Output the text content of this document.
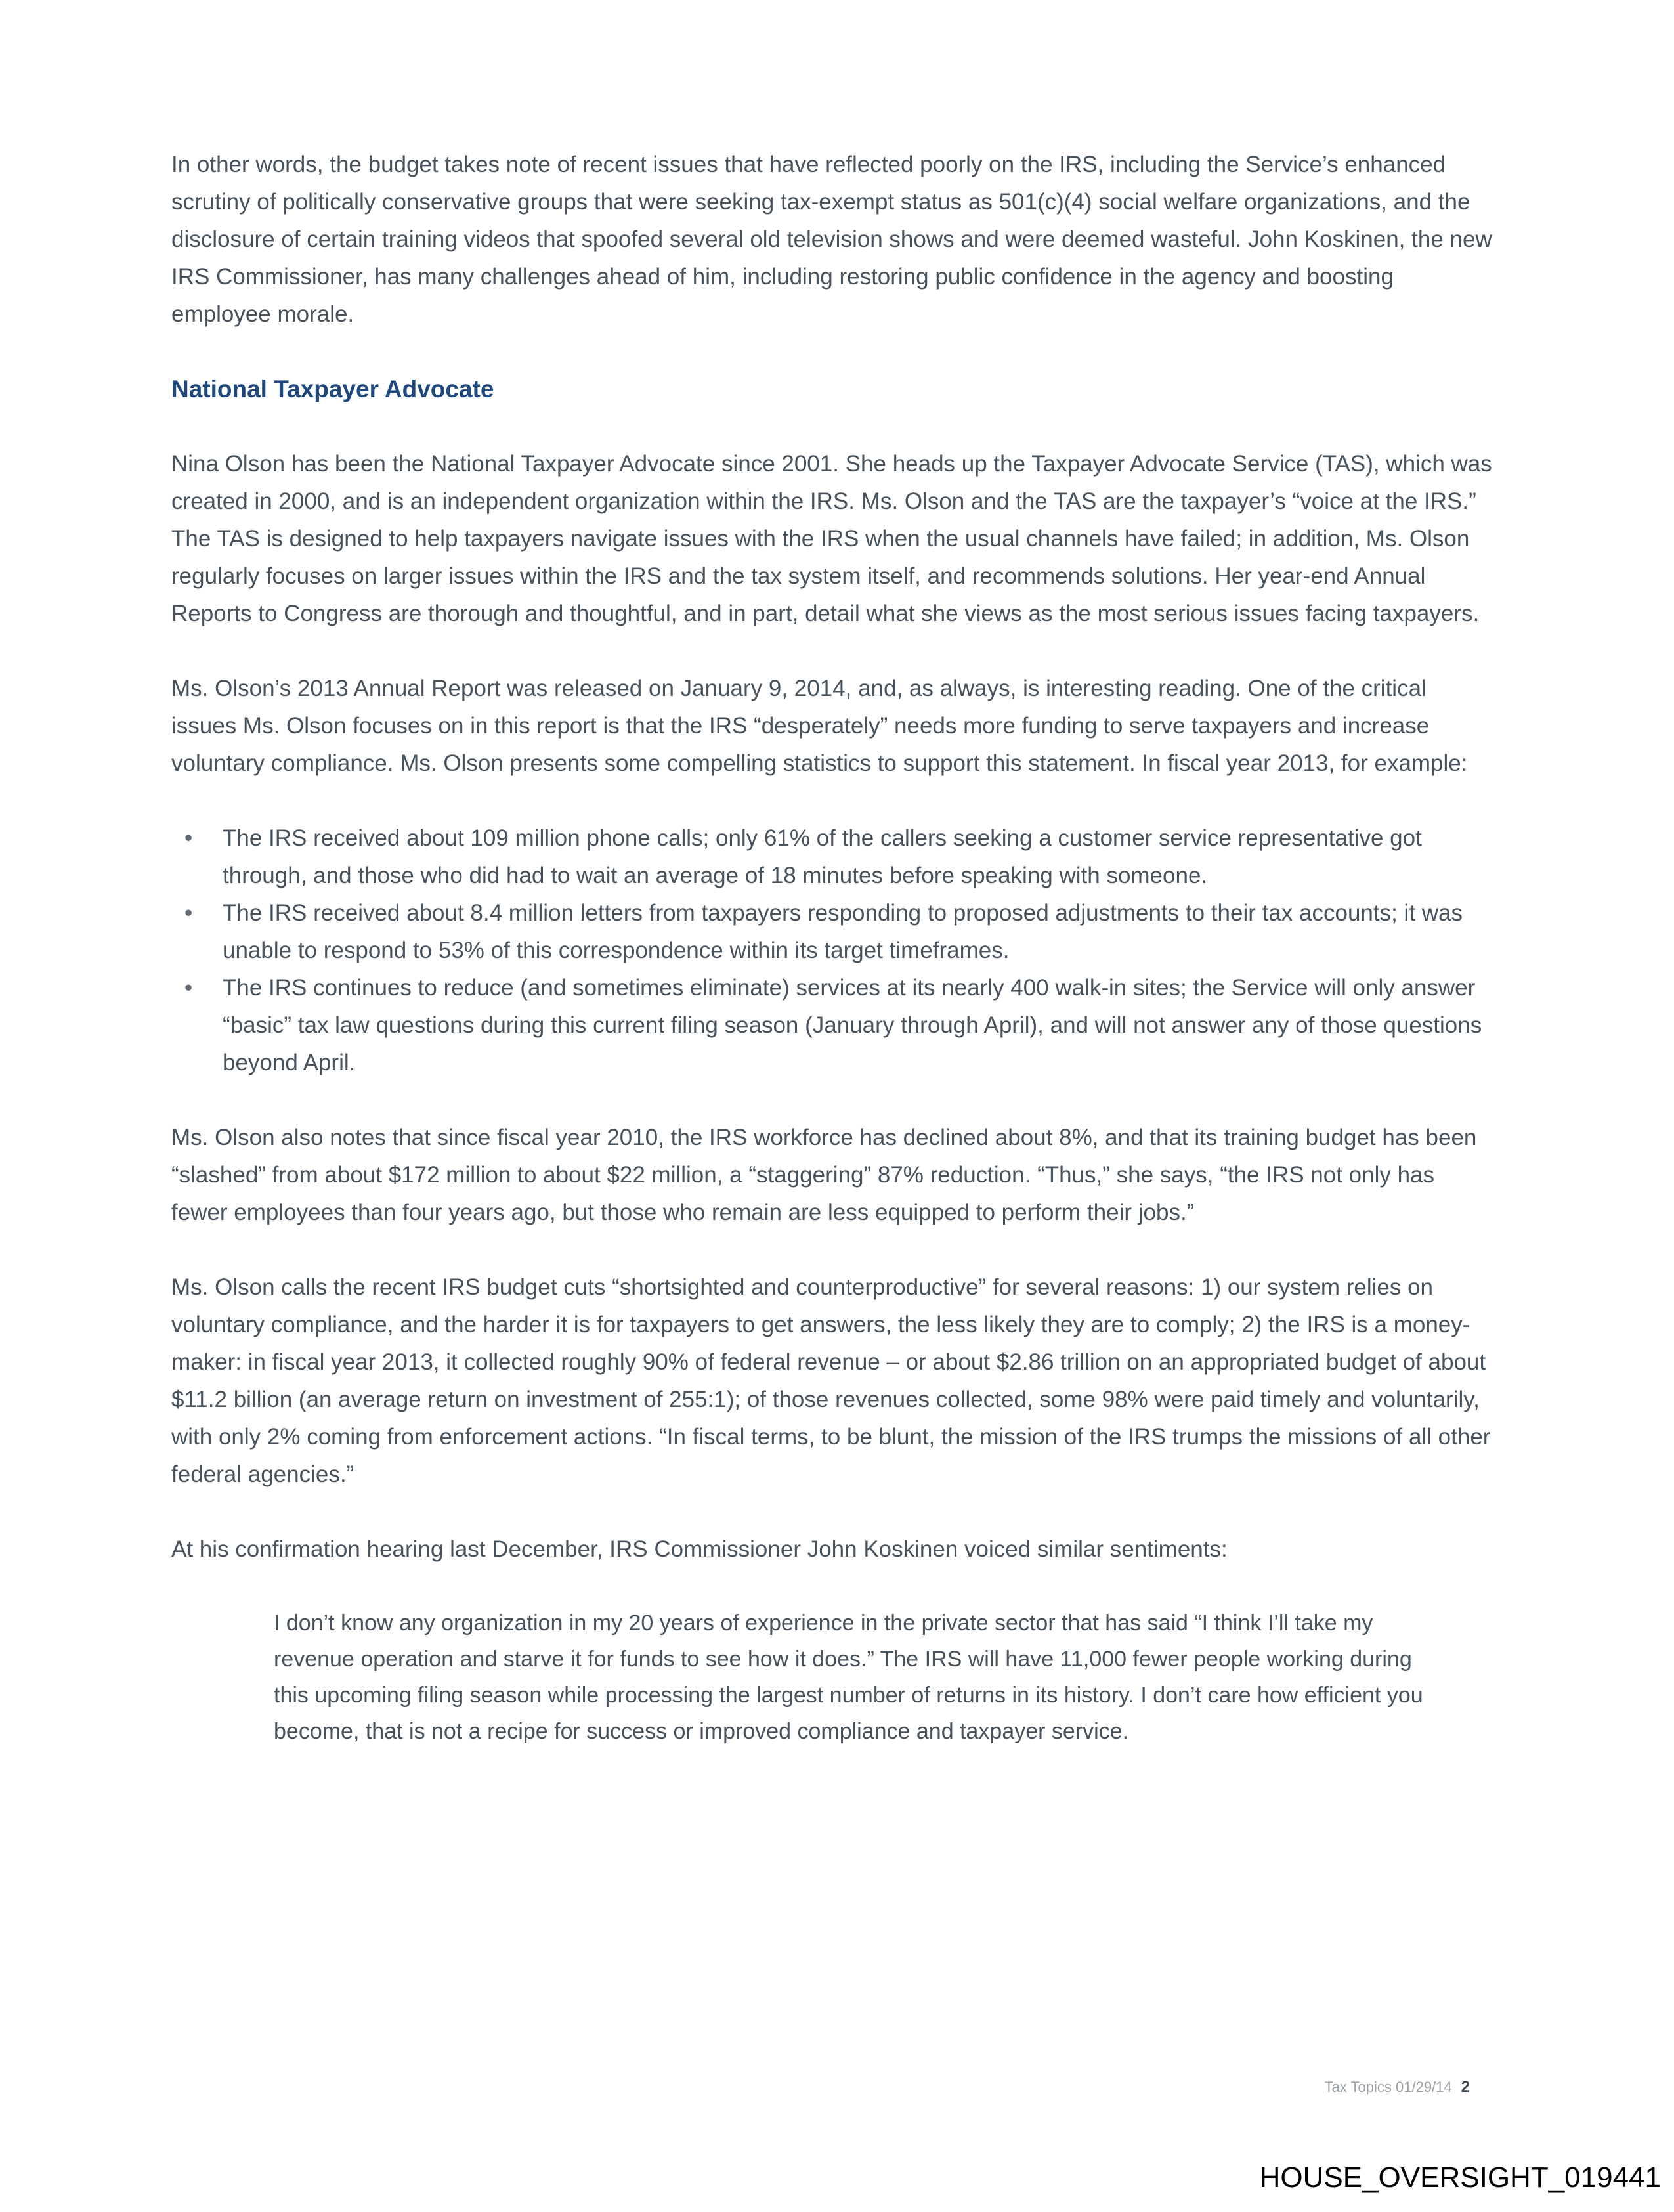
In other words, the budget takes note of recent issues that have reflected poorly on the IRS, including the Service’s enhanced scrutiny of politically conservative groups that were seeking tax-exempt status as 501(c)(4) social welfare organizations, and the disclosure of certain training videos that spoofed several old television shows and were deemed wasteful. John Koskinen, the new IRS Commissioner, has many challenges ahead of him, including restoring public confidence in the agency and boosting employee morale.

National Taxpayer Advocate

Nina Olson has been the National Taxpayer Advocate since 2001. She heads up the Taxpayer Advocate Service (TAS), which was created in 2000, and is an independent organization within the IRS. Ms. Olson and the TAS are the taxpayer’s “voice at the IRS.” The TAS is designed to help taxpayers navigate issues with the IRS when the usual channels have failed; in addition, Ms. Olson regularly focuses on larger issues within the IRS and the tax system itself, and recommends solutions. Her year-end Annual Reports to Congress are thorough and thoughtful, and in part, detail what she views as the most serious issues facing taxpayers.

Ms. Olson’s 2013 Annual Report was released on January 9, 2014, and, as always, is interesting reading. One of the critical issues Ms. Olson focuses on in this report is that the IRS “desperately” needs more funding to serve taxpayers and increase voluntary compliance. Ms. Olson presents some compelling statistics to support this statement. In fiscal year 2013, for example:

• The IRS received about 109 million phone calls; only 61% of the callers seeking a customer service representative got through, and those who did had to wait an average of 18 minutes before speaking with someone.
• The IRS received about 8.4 million letters from taxpayers responding to proposed adjustments to their tax accounts; it was unable to respond to 53% of this correspondence within its target timeframes.
• The IRS continues to reduce (and sometimes eliminate) services at its nearly 400 walk-in sites; the Service will only answer “basic” tax law questions during this current filing season (January through April), and will not answer any of those questions beyond April.

Ms. Olson also notes that since fiscal year 2010, the IRS workforce has declined about 8%, and that its training budget has been “slashed” from about $172 million to about $22 million, a “staggering” 87% reduction. “Thus,” she says, “the IRS not only has fewer employees than four years ago, but those who remain are less equipped to perform their jobs.”

Ms. Olson calls the recent IRS budget cuts “shortsighted and counterproductive” for several reasons: 1) our system relies on voluntary compliance, and the harder it is for taxpayers to get answers, the less likely they are to comply; 2) the IRS is a money-maker: in fiscal year 2013, it collected roughly 90% of federal revenue – or about $2.86 trillion on an appropriated budget of about $11.2 billion (an average return on investment of 255:1); of those revenues collected, some 98% were paid timely and voluntarily, with only 2% coming from enforcement actions. “In fiscal terms, to be blunt, the mission of the IRS trumps the missions of all other federal agencies.”

At his confirmation hearing last December, IRS Commissioner John Koskinen voiced similar sentiments:

I don’t know any organization in my 20 years of experience in the private sector that has said “I think I’ll take my revenue operation and starve it for funds to see how it does.” The IRS will have 11,000 fewer people working during this upcoming filing season while processing the largest number of returns in its history. I don’t care how efficient you become, that is not a recipe for success or improved compliance and taxpayer service.
Tax Topics 01/29/14 2
HOUSE_OVERSIGHT_019441
